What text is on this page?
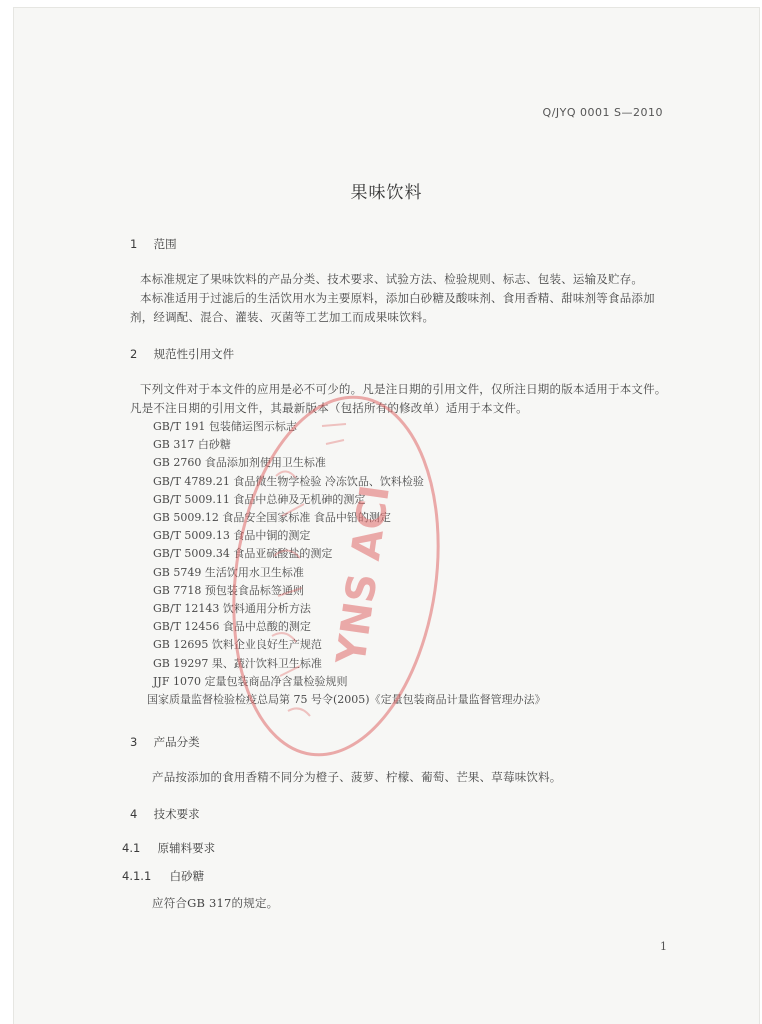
Q/JYQ 0001 S—2010
果味饮料
1 范围

本标准规定了果味饮料的产品分类、技术要求、试验方法、检验规则、标志、包装、运输及贮存。

本标准适用于过滤后的生活饮用水为主要原料，添加白砂糖及酸味剂、食用香精、甜味剂等食品添加剂，经调配、混合、灌装、灭菌等工艺加工而成果味饮料。

2 规范性引用文件

下列文件对于本文件的应用是必不可少的。凡是注日期的引用文件，仅所注日期的版本适用于本文件。凡是不注日期的引用文件，其最新版本（包括所有的修改单）适用于本文件。

GB/T 191 包装储运图示标志
GB 317 白砂糖
GB 2760 食品添加剂使用卫生标准
GB/T 4789.21 食品微生物学检验 冷冻饮品、饮料检验
GB/T 5009.11 食品中总砷及无机砷的测定
GB 5009.12 食品安全国家标准 食品中铅的测定
GB/T 5009.13 食品中铜的测定
GB/T 5009.34 食品亚硫酸盐的测定
GB 5749 生活饮用水卫生标准
GB 7718 预包装食品标签通则
GB/T 12143 饮料通用分析方法
GB/T 12456 食品中总酸的测定
GB 12695 饮料企业良好生产规范
GB 19297 果、蔬汁饮料卫生标准
JJF 1070 定量包装商品净含量检验规则
国家质量监督检验检疫总局第 75 号令(2005)《定量包装商品计量监督管理办法》
3 产品分类

产品按添加的食用香精不同分为橙子、菠萝、柠檬、葡萄、芒果、草莓味饮料。

4 技术要求
4.1 原辅料要求
4.1.1 白砂糖

应符合GB 317的规定。

1
YNS ACI
